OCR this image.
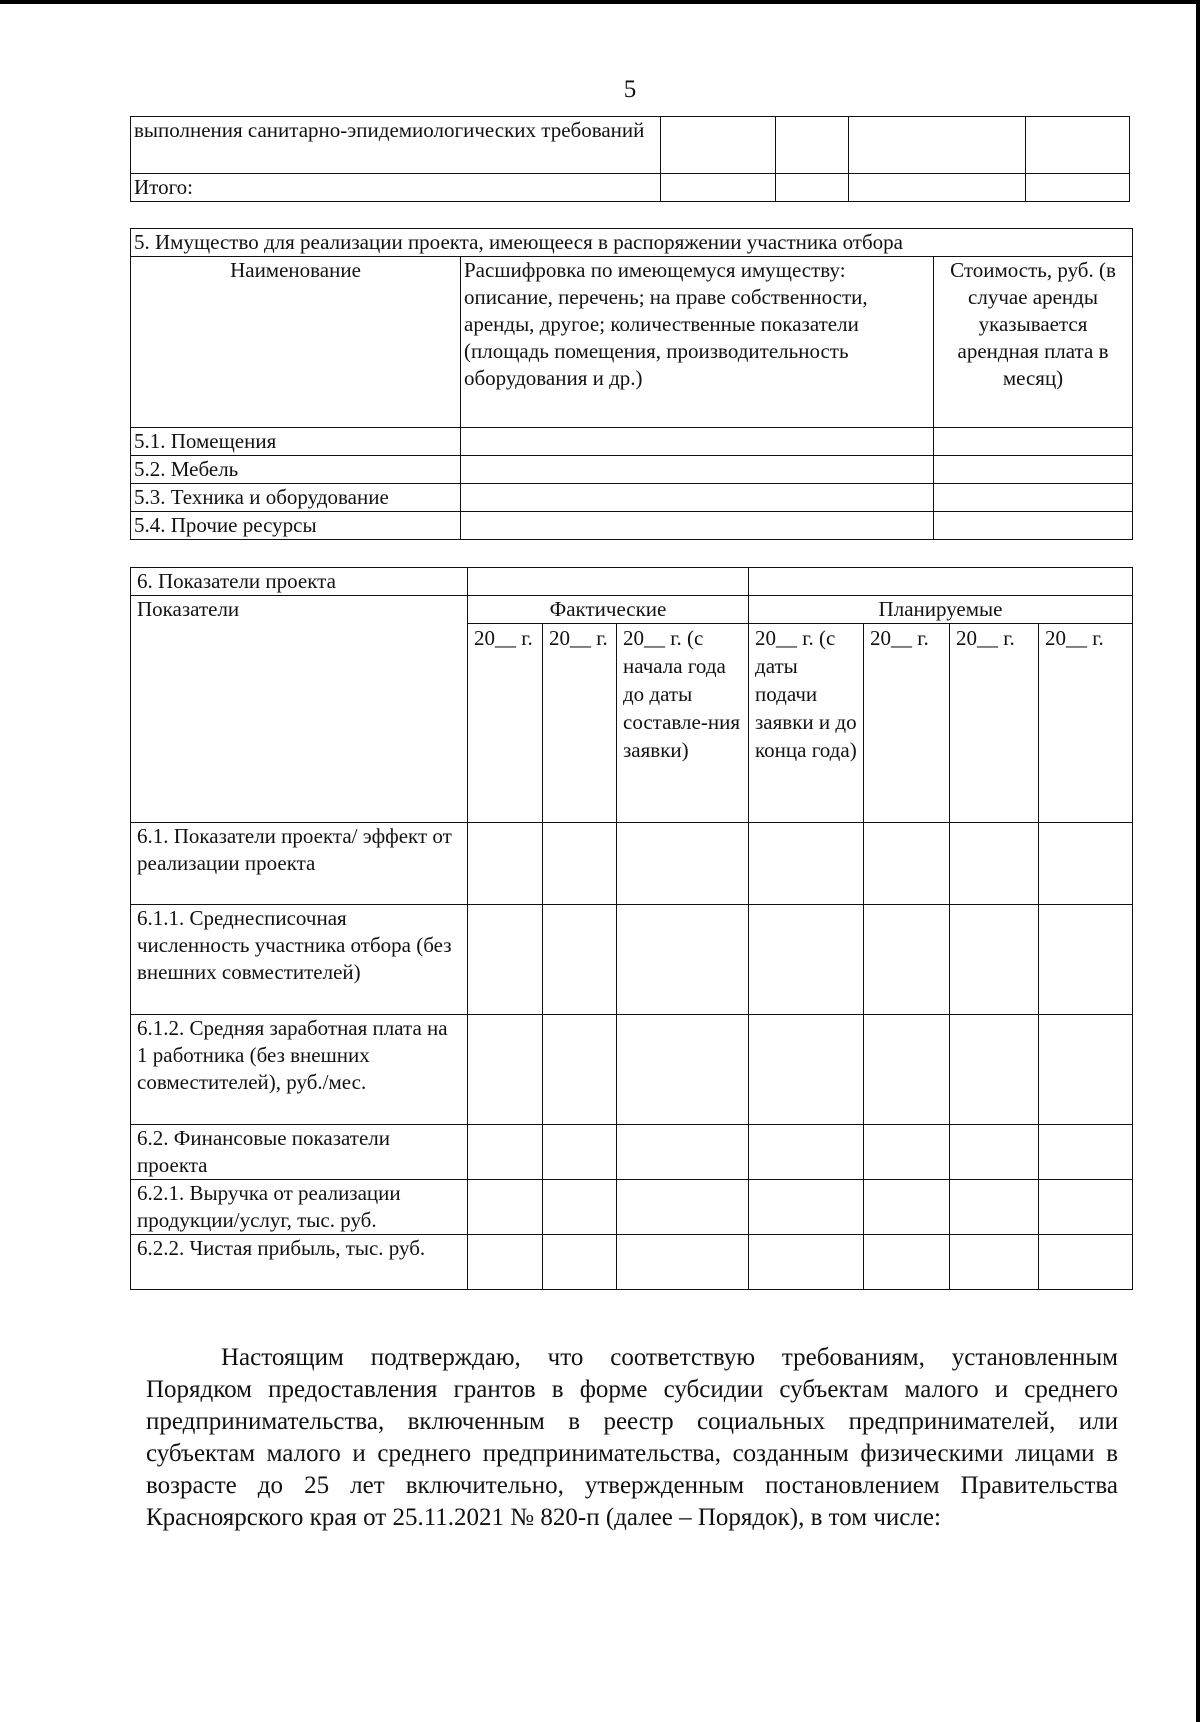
5
выполнения санитарно-эпидемиологических требований				
Итого:				
5. Имущество для реализации проекта, имеющееся в распоряжении участника отбора		
Наименование	Расшифровка по имеющемуся имуществу: описание, перечень; на праве собственности, аренды, другое; количественные показатели (площадь помещения, производительность оборудования и др.)	Стоимость, руб. (в случае аренды указывается арендная плата в месяц)
5.1. Помещения		
5.2. Мебель		
5.3. Техника и оборудование		
5.4. Прочие ресурсы		
6. Показатели проекта							
Показатели	Фактические			Планируемые			
	20__ г.	20__ г.	20__ г. (с начала года до даты составле-ния заявки)	20__ г. (с даты подачи заявки и до конца года)	20__ г.	20__ г.	20__ г.
6.1. Показатели проекта/ эффект от реализации проекта							
6.1.1. Среднесписочная численность участника отбора (без внешних совместителей)							
6.1.2. Средняя заработная плата на 1 работника (без внешних совместителей), руб./мес.							
6.2. Финансовые показатели проекта							
6.2.1. Выручка от реализации продукции/услуг, тыс. руб.							
6.2.2. Чистая прибыль, тыс. руб.							

Настоящим подтверждаю, что соответствую требованиям, установленным Порядком предоставления грантов в форме субсидии субъектам малого и среднего предпринимательства, включенным в реестр социальных предпринимателей, или субъектам малого и среднего предпринимательства, созданным физическими лицами в возрасте до 25 лет включительно, утвержденным постановлением Правительства Красноярского края от 25.11.2021 № 820-п (далее – Порядок), в том числе:
